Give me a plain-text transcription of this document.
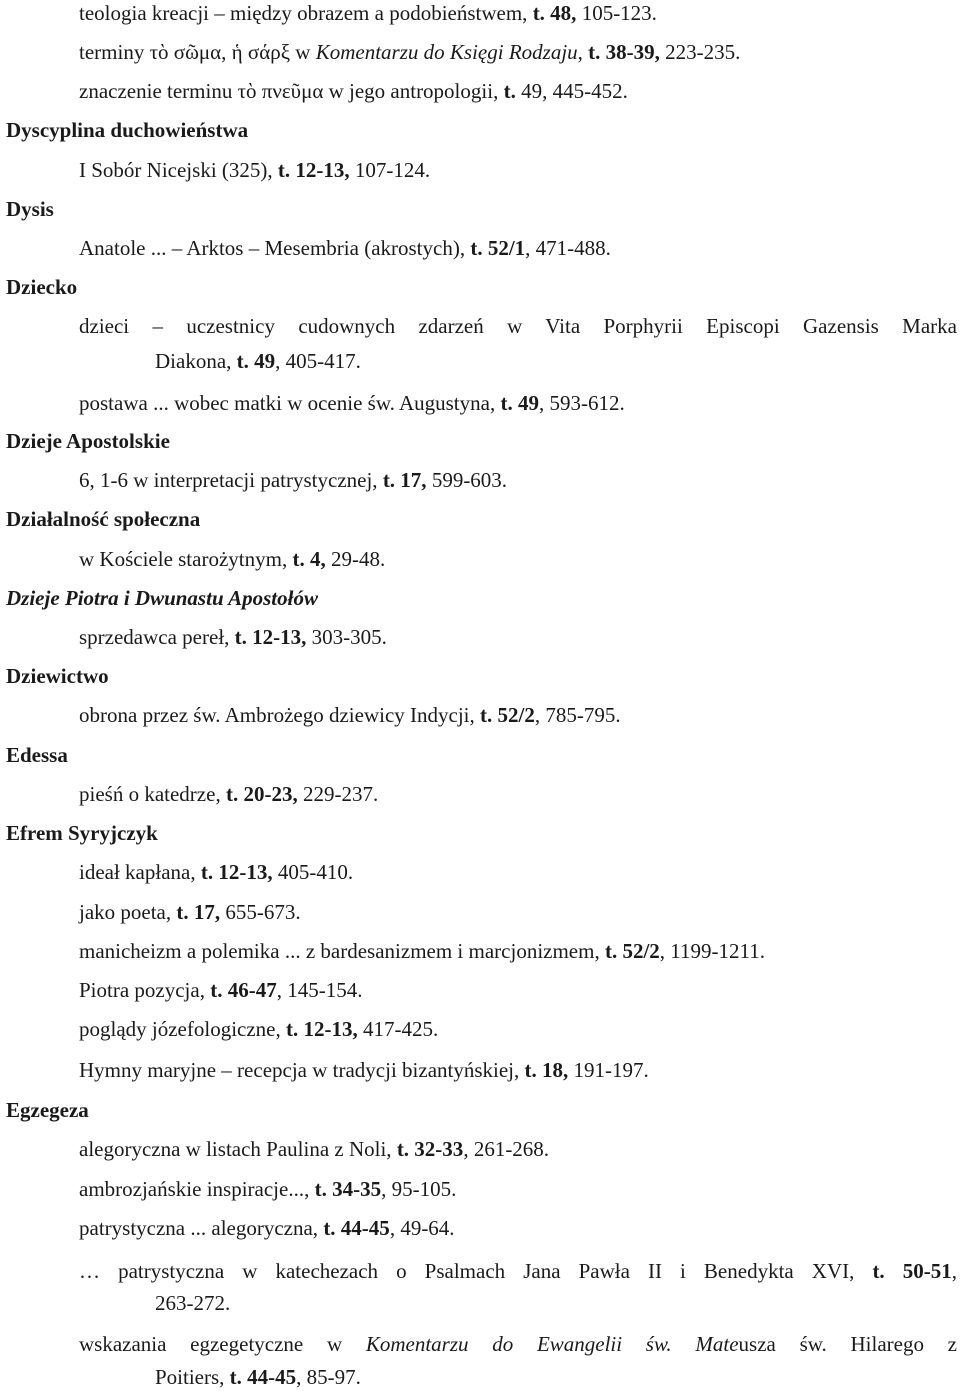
teologia kreacji – między obrazem a podobieństwem, t. 48, 105-123.
terminy τὸ σῶμα, ἡ σάρξ w Komentarzu do Księgi Rodzaju, t. 38-39, 223-235.
znaczenie terminu τὸ πνεῦμα w jego antropologii, t. 49, 445-452.
Dyscyplina duchowieństwa
I Sobór Nicejski (325), t. 12-13, 107-124.
Dysis
Anatole ... – Arktos – Mesembria (akrostych), t. 52/1, 471-488.
Dziecko
dzieci – uczestnicy cudownych zdarzeń w Vita Porphyrii Episcopi Gazensis Marka
Diakona, t. 49, 405-417.
postawa ... wobec matki w ocenie św. Augustyna, t. 49, 593-612.
Dzieje Apostolskie
6, 1-6 w interpretacji patrystycznej, t. 17, 599-603.
Działalność społeczna
w Kościele starożytnym, t. 4, 29-48.
Dzieje Piotra i Dwunastu Apostołów
sprzedawca pereł, t. 12-13, 303-305.
Dziewictwo
obrona przez św. Ambrożego dziewicy Indycji, t. 52/2, 785-795.
Edessa
pieśń o katedrze, t. 20-23, 229-237.
Efrem Syryjczyk
ideał kapłana, t. 12-13, 405-410.
jako poeta, t. 17, 655-673.
manicheizm a polemika ... z bardesanizmem i marcjonizmem, t. 52/2, 1199-1211.
Piotra pozycja, t. 46-47, 145-154.
poglądy józefologiczne, t. 12-13, 417-425.
Hymny maryjne – recepcja w tradycji bizantyńskiej, t. 18, 191-197.
Egzegeza
alegoryczna w listach Paulina z Noli, t. 32-33, 261-268.
ambrozjańskie inspiracje..., t. 34-35, 95-105.
patrystyczna ... alegoryczna, t. 44-45, 49-64.
… patrystyczna w katechezach o Psalmach Jana Pawła II i Benedykta XVI, t. 50-51,
263-272.
wskazania egzegetyczne w Komentarzu do Ewangelii św. Mateusza św. Hilarego z
Poitiers, t. 44-45, 85-97.
